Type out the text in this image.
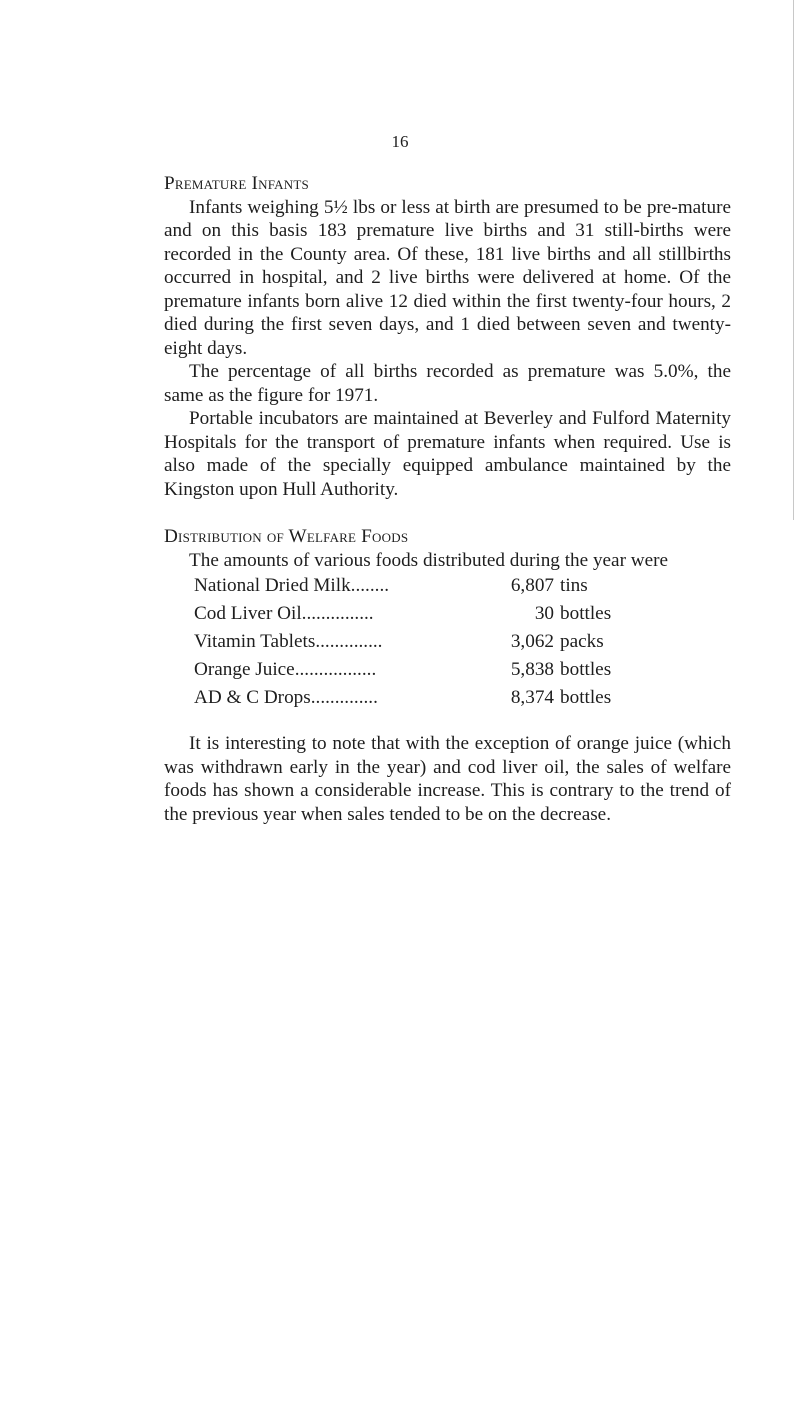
16
Premature Infants

Infants weighing 5½ lbs or less at birth are presumed to be pre-mature and on this basis 183 premature live births and 31 still-births were recorded in the County area. Of these, 181 live births and all stillbirths occurred in hospital, and 2 live births were delivered at home. Of the premature infants born alive 12 died within the first twenty-four hours, 2 died during the first seven days, and 1 died between seven and twenty-eight days.

The percentage of all births recorded as premature was 5.0%, the same as the figure for 1971.

Portable incubators are maintained at Beverley and Fulford Maternity Hospitals for the transport of premature infants when required. Use is also made of the specially equipped ambulance maintained by the Kingston upon Hull Authority.

Distribution of Welfare Foods

The amounts of various foods distributed during the year were

National Dried Milk........	6,807 tins
Cod Liver Oil...............	30 bottles
Vitamin Tablets..............	3,062 packs
Orange Juice.................	5,838 bottles
AD & C Drops..............	8,374 bottles

It is interesting to note that with the exception of orange juice (which was withdrawn early in the year) and cod liver oil, the sales of welfare foods has shown a considerable increase. This is contrary to the trend of the previous year when sales tended to be on the decrease.
